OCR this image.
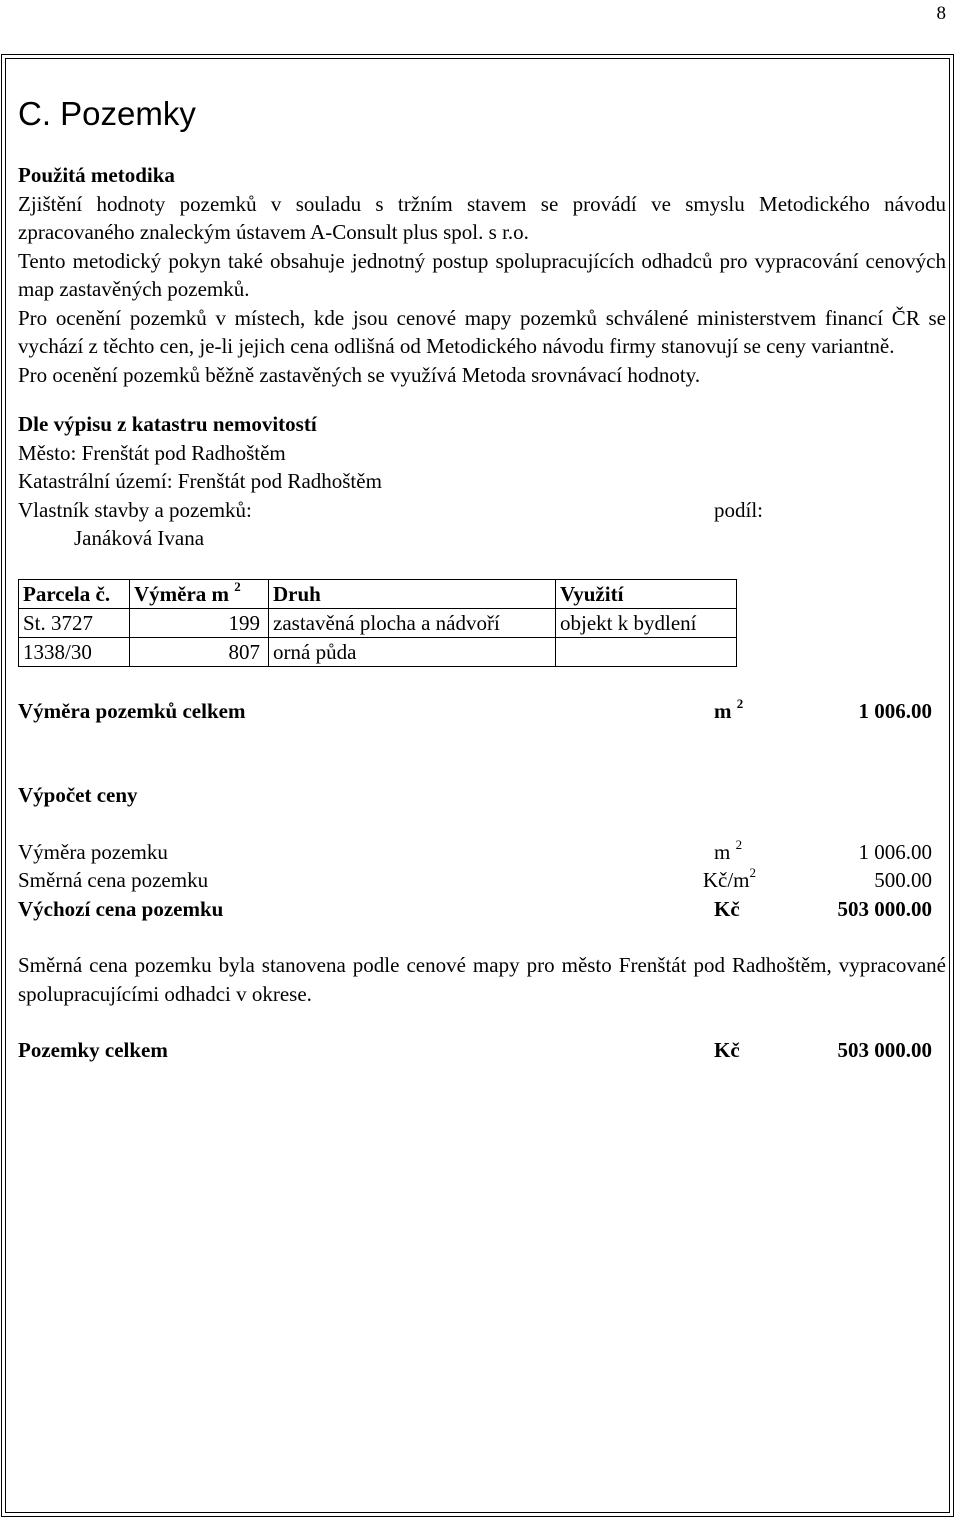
8
C. Pozemky
Použitá metodika

Zjištění hodnoty pozemků v souladu s tržním stavem se provádí ve smyslu Metodického návodu zpracovaného znaleckým ústavem A-Consult plus spol. s r.o.

Tento metodický pokyn také obsahuje jednotný postup spolupracujících odhadců pro vypracování cenových map zastavěných pozemků.

Pro ocenění pozemků v místech, kde jsou cenové mapy pozemků schválené ministerstvem financí ČR se vychází z těchto cen, je-li jejich cena odlišná od Metodického návodu firmy stanovují se ceny variantně.

Pro ocenění pozemků běžně zastavěných se využívá Metoda srovnávací hodnoty.

Dle výpisu z katastru nemovitostí
Město: Frenštát pod Radhoštěm
Katastrální území: Frenštát pod Radhoštěm
Vlastník stavby a pozemků:	podíl:
Janáková Ivana
Parcela č.	Výměra m $^2$	Druh	Využití
St. 3727	199	zastavěná plocha a nádvoří	objekt k bydlení
1338/30	807	orná půda	
Výměra pozemků celkem	m $^2$	1 006.00
Výpočet ceny
Výměra pozemku	m $^2$	1 006.00
Směrná cena pozemku	$Kč/m^2$	500.00
Výchozí cena pozemku	Kč	503 000.00

Směrná cena pozemku byla stanovena podle cenové mapy pro město Frenštát pod Radhoštěm, vypracované spolupracujícími odhadci v okrese.

Pozemky celkem	Kč	503 000.00
